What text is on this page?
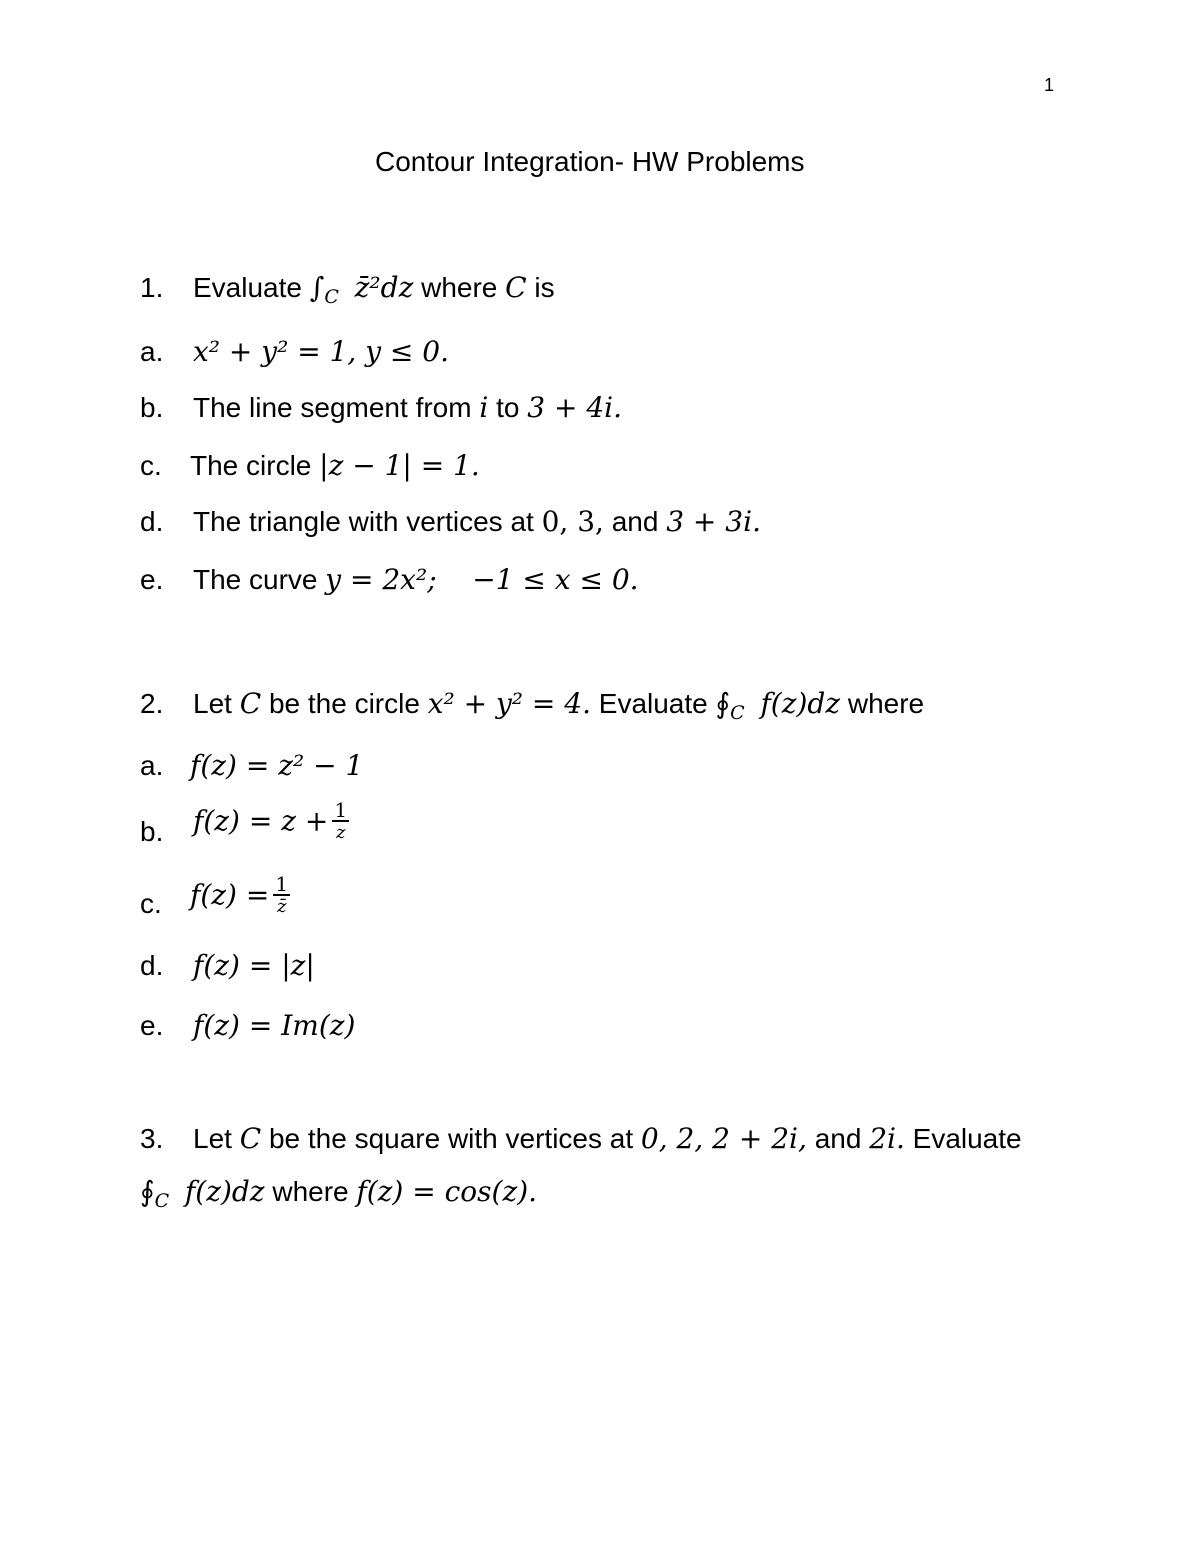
1
Contour Integration- HW Problems
1. Evaluate $\int_C$ z̄²dz where C is
a. x² + y² = 1, y ≤ 0.
b. The line segment from i to 3 + 4i.
c. The circle |z − 1| = 1.
d. The triangle with vertices at 0, 3, and 3 + 3i.
e. The curve y = 2x²;    −1 ≤ x ≤ 0.
2. Let C be the circle x² + y² = 4. Evaluate $∮_C$ f(z)dz where
a. f(z) = z² − 1
b. $f(z) = z + \frac{1}{z}$
c. $f(z) = \frac{1}{z̄}$
d. f(z) = |z|
e. f(z) = Im(z)
3. Let C be the square with vertices at 0, 2, 2 + 2i, and 2i. Evaluate
$∮_C$ f(z)dz where f(z) = cos(z).
